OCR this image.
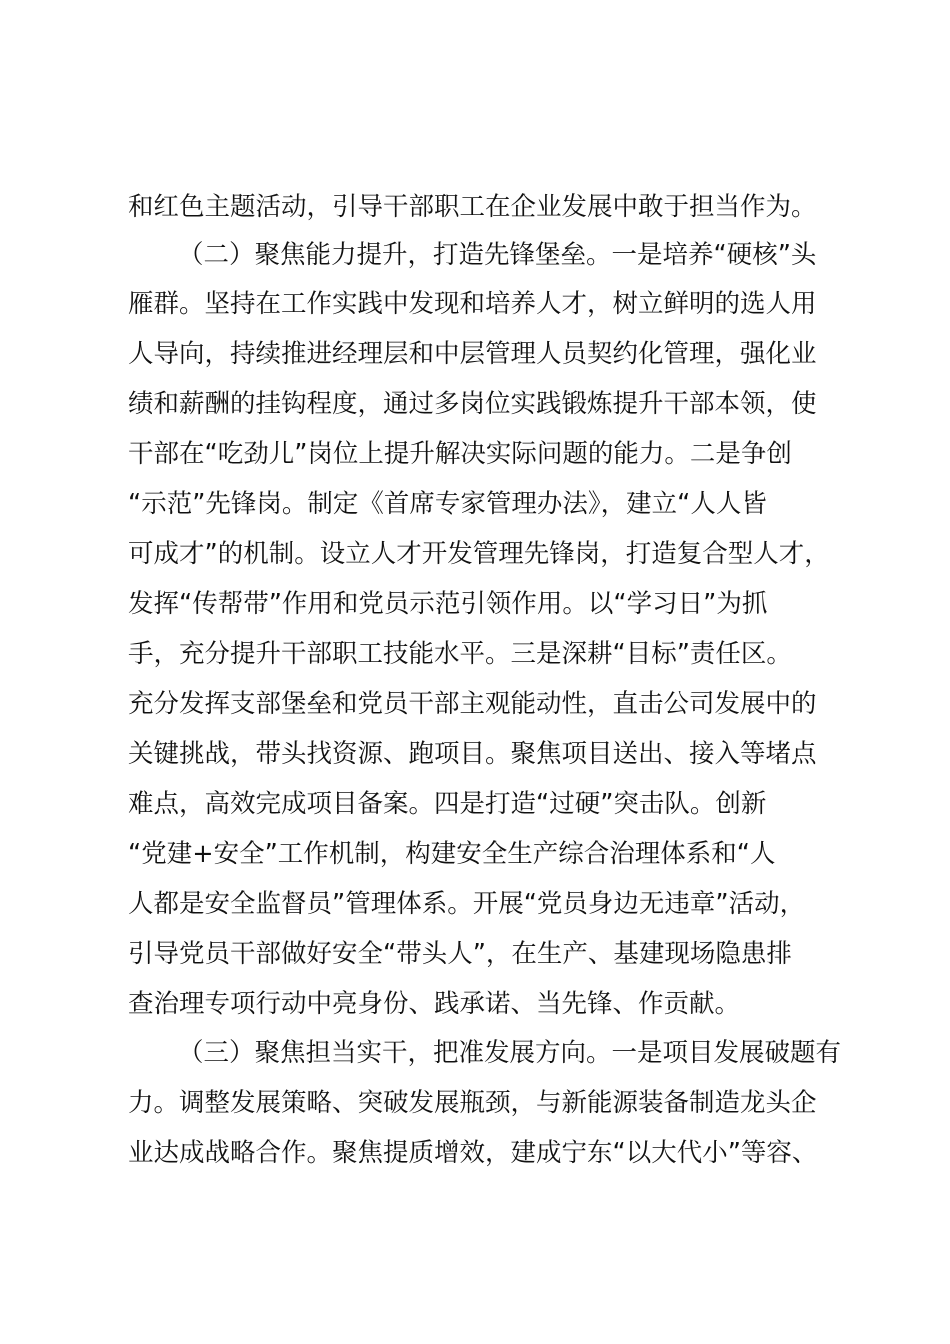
和红色主题活动，引导干部职工在企业发展中敢于担当作为。
（二）聚焦能力提升，打造先锋堡垒。一是培养“硬核”头
雁群。坚持在工作实践中发现和培养人才，树立鲜明的选人用
人导向，持续推进经理层和中层管理人员契约化管理，强化业
绩和薪酬的挂钩程度，通过多岗位实践锻炼提升干部本领，使
干部在“吃劲儿”岗位上提升解决实际问题的能力。二是争创
“示范”先锋岗。制定《首席专家管理办法》，建立“人人皆
可成才”的机制。设立人才开发管理先锋岗，打造复合型人才，
发挥“传帮带”作用和党员示范引领作用。以“学习日”为抓
手，充分提升干部职工技能水平。三是深耕“目标”责任区。
充分发挥支部堡垒和党员干部主观能动性，直击公司发展中的
关键挑战，带头找资源、跑项目。聚焦项目送出、接入等堵点
难点，高效完成项目备案。四是打造“过硬”突击队。创新
“党建+安全”工作机制，构建安全生产综合治理体系和“人
人都是安全监督员”管理体系。开展“党员身边无违章”活动，
引导党员干部做好安全“带头人”，在生产、基建现场隐患排
查治理专项行动中亮身份、践承诺、当先锋、作贡献。
（三）聚焦担当实干，把准发展方向。一是项目发展破题有
力。调整发展策略、突破发展瓶颈，与新能源装备制造龙头企
业达成战略合作。聚焦提质增效，建成宁东“以大代小”等容、
